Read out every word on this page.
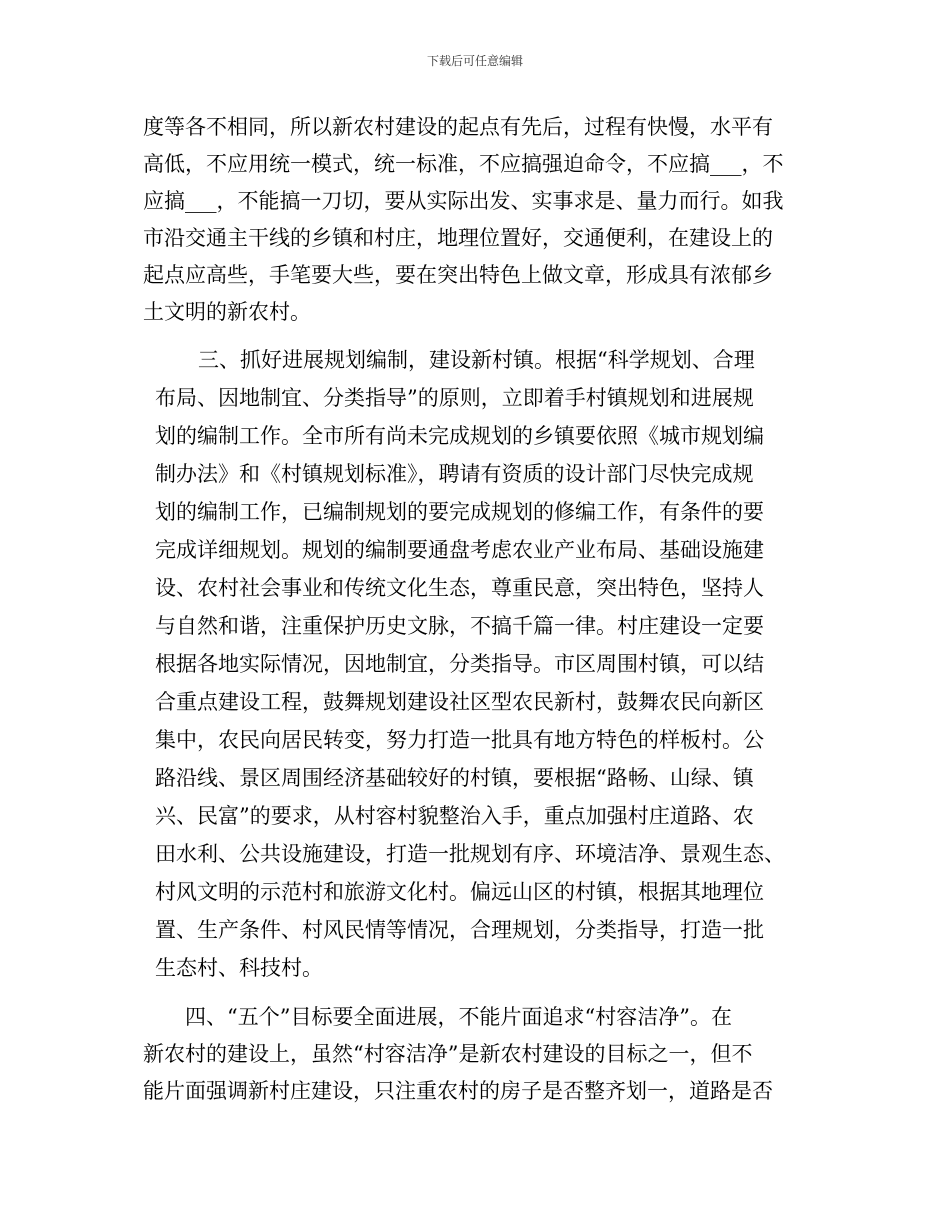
下载后可任意编辑
度等各不相同，所以新农村建设的起点有先后，过程有快慢，水平有
高低，不应用统一模式，统一标准，不应搞强迫命令，不应搞___，不
应搞___，不能搞一刀切，要从实际出发、实事求是、量力而行。如我
市沿交通主干线的乡镇和村庄，地理位置好，交通便利，在建设上的
起点应高些，手笔要大些，要在突出特色上做文章，形成具有浓郁乡
土文明的新农村。
三、抓好进展规划编制，建设新村镇。根据“科学规划、合理
布局、因地制宜、分类指导”的原则，立即着手村镇规划和进展规
划的编制工作。全市所有尚未完成规划的乡镇要依照《城市规划编
制办法》和《村镇规划标准》，聘请有资质的设计部门尽快完成规
划的编制工作，已编制规划的要完成规划的修编工作，有条件的要
完成详细规划。规划的编制要通盘考虑农业产业布局、基础设施建
设、农村社会事业和传统文化生态，尊重民意，突出特色，坚持人
与自然和谐，注重保护历史文脉，不搞千篇一律。村庄建设一定要
根据各地实际情况，因地制宜，分类指导。市区周围村镇，可以结
合重点建设工程，鼓舞规划建设社区型农民新村，鼓舞农民向新区
集中，农民向居民转变，努力打造一批具有地方特色的样板村。公
路沿线、景区周围经济基础较好的村镇，要根据“路畅、山绿、镇
兴、民富”的要求，从村容村貌整治入手，重点加强村庄道路、农
田水利、公共设施建设，打造一批规划有序、环境洁净、景观生态、
村风文明的示范村和旅游文化村。偏远山区的村镇，根据其地理位
置、生产条件、村风民情等情况，合理规划，分类指导，打造一批
生态村、科技村。
四、“五个”目标要全面进展，不能片面追求“村容洁净”。在
新农村的建设上，虽然“村容洁净”是新农村建设的目标之一，但不
能片面强调新村庄建设，只注重农村的房子是否整齐划一，道路是否
